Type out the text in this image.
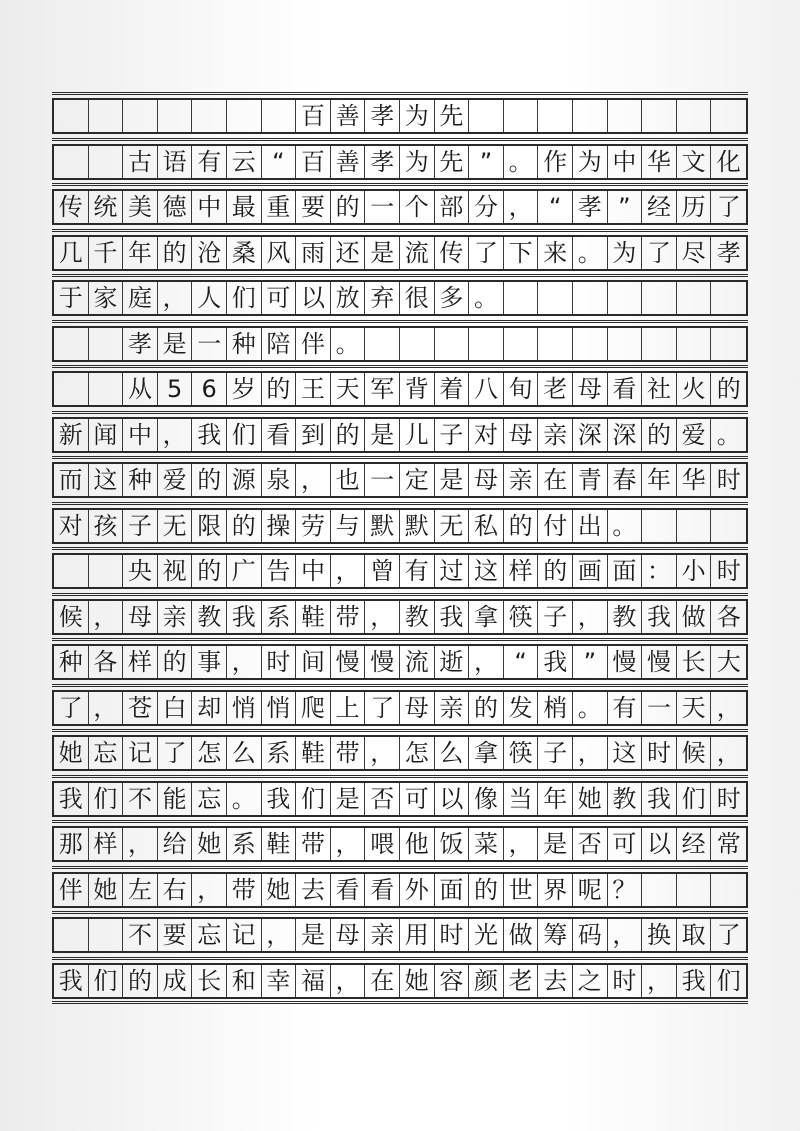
百 善 孝 为 先
古 语 有 云 “ 百 善 孝 为 先 ” 。 作 为 中 华 文 化
传 统 美 德 中 最 重 要 的 一 个 部 分 ， “ 孝 ” 经 历 了
几 千 年 的 沧 桑 风 雨 还 是 流 传 了 下 来 。 为 了 尽 孝
于 家 庭 ， 人 们 可 以 放 弃 很 多 。
孝 是 一 种 陪 伴 。
从 5 6 岁 的 王 天 军 背 着 八 旬 老 母 看 社 火 的
新 闻 中 ， 我 们 看 到 的 是 儿 子 对 母 亲 深 深 的 爱 。
而 这 种 爱 的 源 泉 ， 也 一 定 是 母 亲 在 青 春 年 华 时
对 孩 子 无 限 的 操 劳 与 默 默 无 私 的 付 出 。
央 视 的 广 告 中 ， 曾 有 过 这 样 的 画 面 ： 小 时
候 ， 母 亲 教 我 系 鞋 带 ， 教 我 拿 筷 子 ， 教 我 做 各
种 各 样 的 事 ， 时 间 慢 慢 流 逝 ， “ 我 ” 慢 慢 长 大
了 ， 苍 白 却 悄 悄 爬 上 了 母 亲 的 发 梢 。 有 一 天 ，
她 忘 记 了 怎 么 系 鞋 带 ， 怎 么 拿 筷 子 ， 这 时 候 ，
我 们 不 能 忘 。 我 们 是 否 可 以 像 当 年 她 教 我 们 时
那 样 ， 给 她 系 鞋 带 ， 喂 他 饭 菜 ， 是 否 可 以 经 常
伴 她 左 右 ， 带 她 去 看 看 外 面 的 世 界 呢 ？
不 要 忘 记 ， 是 母 亲 用 时 光 做 筹 码 ， 换 取 了
我 们 的 成 长 和 幸 福 ， 在 她 容 颜 老 去 之 时 ， 我 们
